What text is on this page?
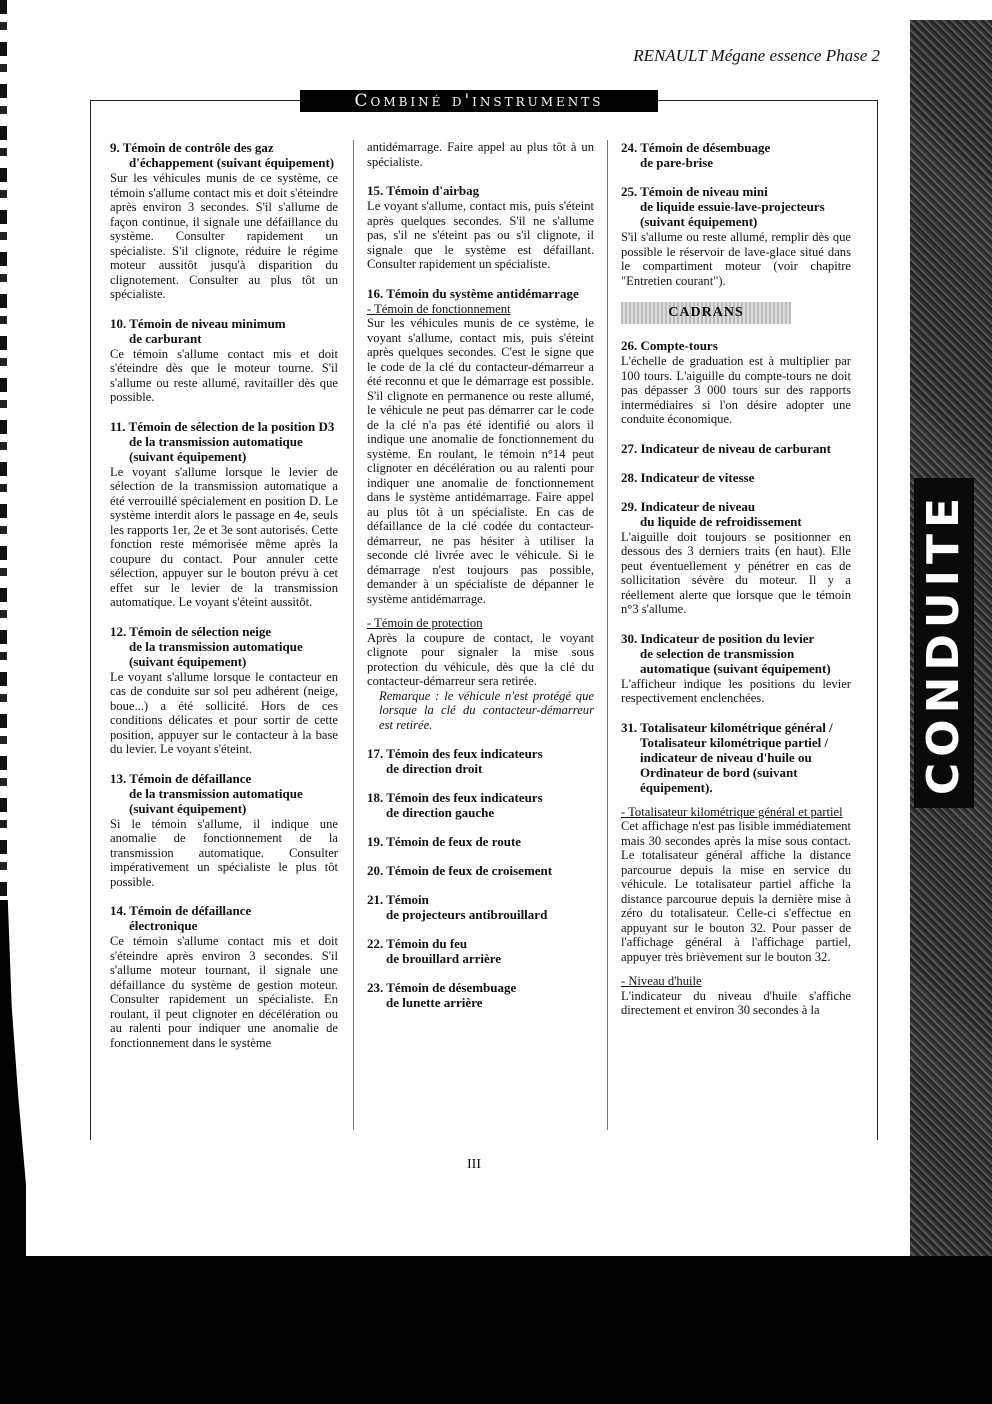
CONDUITE
RENAULT Mégane essence Phase 2
Combiné d'instruments
9. Témoin de contrôle des gaz
d'échappement (suivant équipement)

Sur les véhicules munis de ce système, ce témoin s'allume contact mis et doit s'éteindre après environ 3 secondes. S'il s'allume de façon continue, il signale une défaillance du système. Consulter rapidement un spécialiste. S'il clignote, réduire le régime moteur aussitôt jusqu'à disparition du clignotement. Consulter au plus tôt un spécialiste.

10. Témoin de niveau minimum
de carburant

Ce témoin s'allume contact mis et doit s'éteindre dès que le moteur tourne. S'il s'allume ou reste allumé, ravitailler dès que possible.

11. Témoin de sélection de la position D3
de la transmission automatique (suivant équipement)

Le voyant s'allume lorsque le levier de sélection de la transmission automatique a été verrouillé spécialement en position D. Le système interdit alors le passage en 4e, seuls les rapports 1er, 2e et 3e sont autorisés. Cette fonction reste mémorisée même après la coupure du contact. Pour annuler cette sélection, appuyer sur le bouton prévu à cet effet sur le levier de la transmission automatique. Le voyant s'éteint aussitôt.

12. Témoin de sélection neige
de la transmission automatique (suivant équipement)

Le voyant s'allume lorsque le contacteur en cas de conduite sur sol peu adhérent (neige, boue...) a été sollicité. Hors de ces conditions délicates et pour sortir de cette position, appuyer sur le contacteur à la base du levier. Le voyant s'éteint.

13. Témoin de défaillance
de la transmission automatique (suivant équipement)

Si le témoin s'allume, il indique une anomalie de fonctionnement de la transmission automatique. Consulter impérativement un spécialiste le plus tôt possible.

14. Témoin de défaillance
électronique

Ce témoin s'allume contact mis et doit s'éteindre après environ 3 secondes. S'il s'allume moteur tournant, il signale une défaillance du système de gestion moteur. Consulter rapidement un spécialiste. En roulant, il peut clignoter en décélération ou au ralenti pour indiquer une anomalie de fonctionnement dans le système

antidémarrage. Faire appel au plus tôt à un spécialiste.

15. Témoin d'airbag

Le voyant s'allume, contact mis, puis s'éteint après quelques secondes. S'il ne s'allume pas, s'il ne s'éteint pas ou s'il clignote, il signale que le système est défaillant. Consulter rapidement un spécialiste.

16. Témoin du système antidémarrage

- Témoin de fonctionnement

Sur les véhicules munis de ce système, le voyant s'allume, contact mis, puis s'éteint après quelques secondes. C'est le signe que le code de la clé du contacteur-démarreur a été reconnu et que le démarrage est possible. S'il clignote en permanence ou reste allumé, le véhicule ne peut pas démarrer car le code de la clé n'a pas été identifié ou alors il indique une anomalie de fonctionnement du système. En roulant, le témoin n°14 peut clignoter en décélération ou au ralenti pour indiquer une anomalie de fonctionnement dans le système antidémarrage. Faire appel au plus tôt à un spécialiste. En cas de défaillance de la clé codée du contacteur-démarreur, ne pas hésiter à utiliser la seconde clé livrée avec le véhicule. Si le démarrage n'est toujours pas possible, demander à un spécialiste de dépanner le système antidémarrage.

- Témoin de protection

Après la coupure de contact, le voyant clignote pour signaler la mise sous protection du véhicule, dès que la clé du contacteur-démarreur sera retirée.

Remarque : le véhicule n'est protégé que lorsque la clé du contacteur-démarreur est retirée.

17. Témoin des feux indicateurs
de direction droit
18. Témoin des feux indicateurs
de direction gauche
19. Témoin de feux de route
20. Témoin de feux de croisement
21. Témoin
de projecteurs antibrouillard
22. Témoin du feu
de brouillard arrière
23. Témoin de désembuage
de lunette arrière
24. Témoin de désembuage
de pare-brise
25. Témoin de niveau mini
de liquide essuie-lave-projecteurs (suivant équipement)

S'il s'allume ou reste allumé, remplir dès que possible le réservoir de lave-glace situé dans le compartiment moteur (voir chapitre "Entretien courant").

CADRANS
26. Compte-tours

L'échelle de graduation est à multiplier par 100 tours. L'aiguille du compte-tours ne doit pas dépasser 3 000 tours sur des rapports intermédiaires si l'on désire adopter une conduite économique.

27. Indicateur de niveau de carburant
28. Indicateur de vitesse
29. Indicateur de niveau
du liquide de refroidissement

L'aiguille doit toujours se positionner en dessous des 3 derniers traits (en haut). Elle peut éventuellement y pénétrer en cas de sollicitation sévère du moteur. Il y a réellement alerte que lorsque que le témoin n°3 s'allume.

30. Indicateur de position du levier
de selection de transmission automatique (suivant équipement)

L'afficheur indique les positions du levier respectivement enclenchées.

31. Totalisateur kilométrique général /
Totalisateur kilométrique partiel / indicateur de niveau d'huile ou Ordinateur de bord (suivant équipement).

- Totalisateur kilométrique général et partiel

Cet affichage n'est pas lisible immédiatement mais 30 secondes après la mise sous contact. Le totalisateur général affiche la distance parcourue depuis la mise en service du véhicule. Le totalisateur partiel affiche la distance parcourue depuis la dernière mise à zéro du totalisateur. Celle-ci s'effectue en appuyant sur le bouton 32. Pour passer de l'affichage général à l'affichage partiel, appuyer très brièvement sur le bouton 32.

- Niveau d'huile

L'indicateur du niveau d'huile s'affiche directement et environ 30 secondes à la

III
